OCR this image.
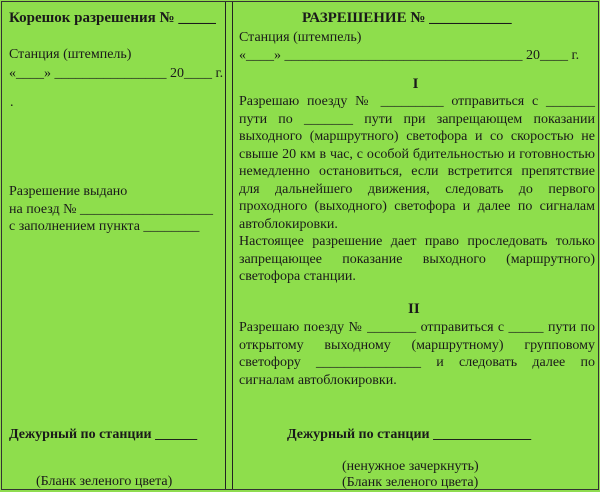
Корешок разрешения № _____
Станция (штемпель)
«____» ________________ 20____ г.
.
Разрешение выдано
на поезд № ___________________
с заполнением пункта ________
Дежурный по станции ______
(Бланк зеленого цвета)
РАЗРЕШЕНИЕ № ___________
Станция (штемпель)
«____» __________________________________ 20____ г.
I
Разрешаю поезду № _________ отправиться с _______ пути по _______ пути при запрещающем показании выходного (маршрутного) светофора и со скоростью не свыше 20 км в час, с особой бдительностью и готовностью немедленно остановиться, если встретится препятствие для дальнейшего движения, следовать до первого проходного (выходного) светофора и далее по сигналам автоблокировки.
Настоящее разрешение дает право проследовать только запрещающее показание выходного (маршрутного) светофора станции.
II
Разрешаю поезду № _______ отправиться с _____ пути по открытому выходному (маршрутному) групповому светофору _______________ и следовать далее по сигналам автоблокировки.
Дежурный по станции ______________
(ненужное зачеркнуть)
(Бланк зеленого цвета)
